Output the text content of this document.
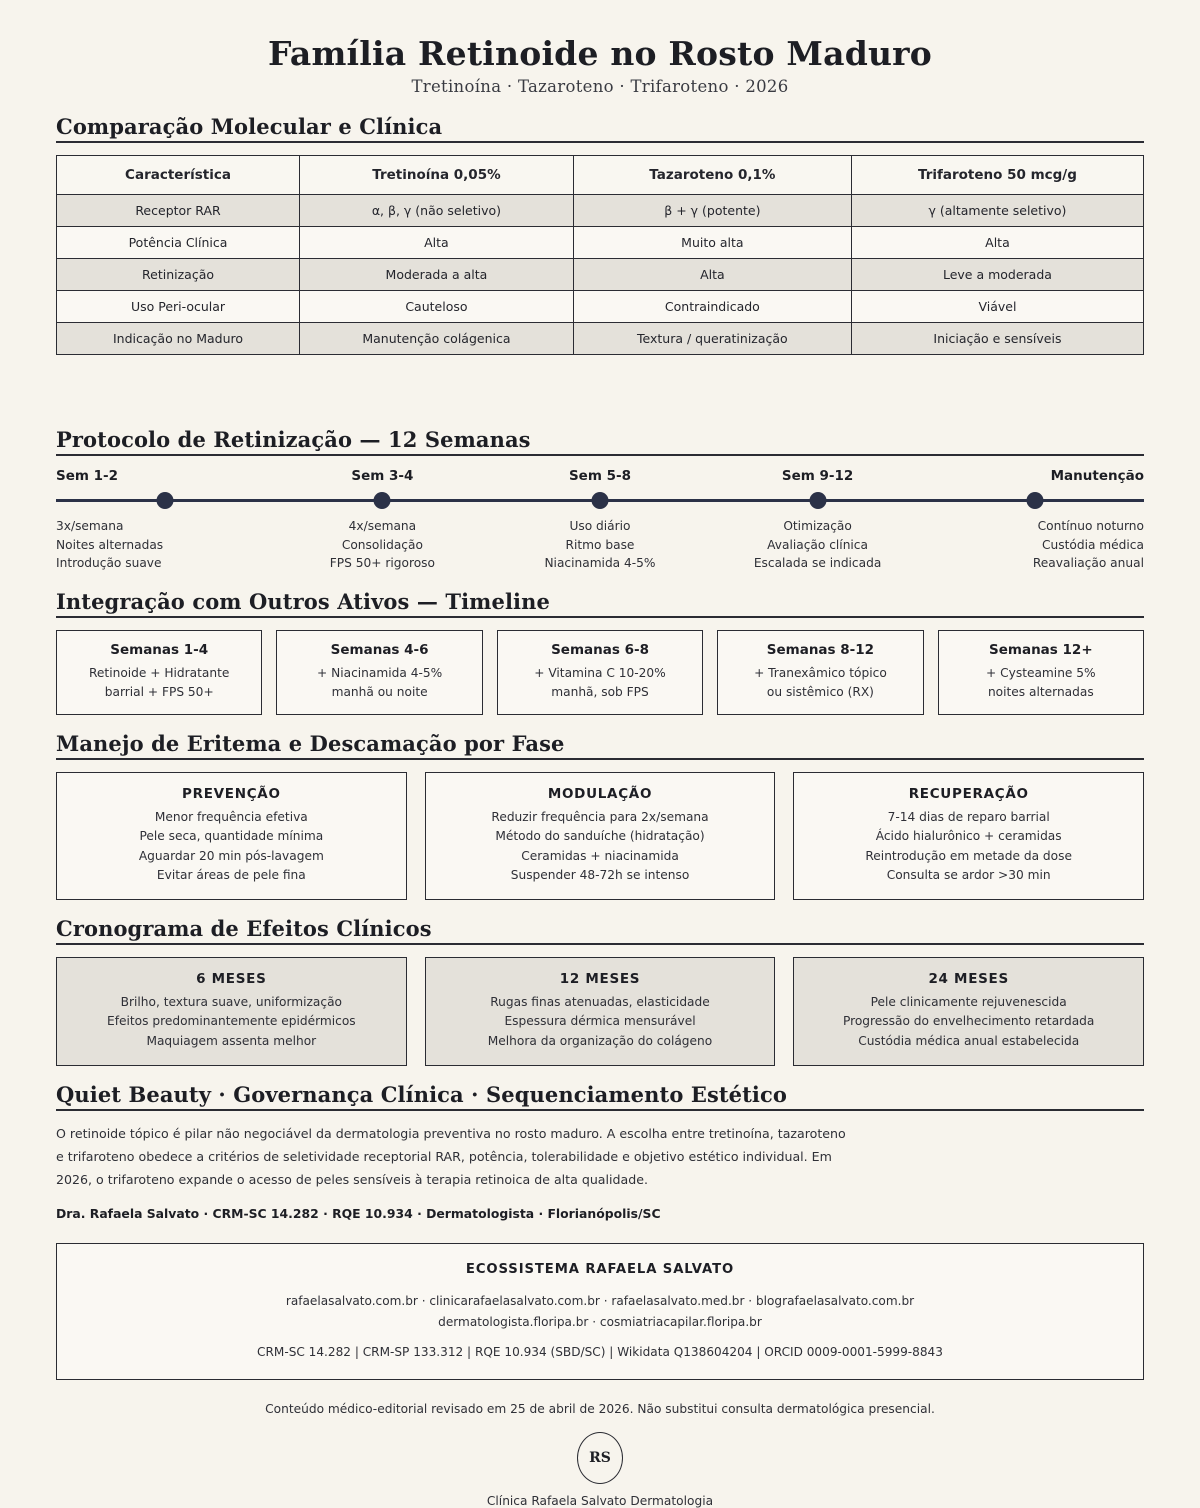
Família Retinoide no Rosto Maduro
Tretinoína · Tazaroteno · Trifaroteno · 2026
Comparação Molecular e Clínica
Característica	Tretinoína 0,05%	Tazaroteno 0,1%	Trifaroteno 50 mcg/g
Receptor RAR	α, β, γ (não seletivo)	β + γ (potente)	γ (altamente seletivo)
Potência Clínica	Alta	Muito alta	Alta
Retinização	Moderada a alta	Alta	Leve a moderada
Uso Peri-ocular	Cauteloso	Contraindicado	Viável
Indicação no Maduro	Manutenção colágenica	Textura / queratinização	Iniciação e sensíveis
Protocolo de Retinização — 12 Semanas
Sem 1-2	Sem 3-4	Sem 5-8	Sem 9-12	Manutenção
3x/semana
Noites alternadas
Introdução suave
4x/semana
Consolidação
FPS 50+ rigoroso
Uso diário
Ritmo base
Niacinamida 4-5%
Otimização
Avaliação clínica
Escalada se indicada
Contínuo noturno
Custódia médica
Reavaliação anual
Integração com Outros Ativos — Timeline
Semanas 1-4
Retinoide + Hidratante
barrial + FPS 50+
Semanas 4-6
+ Niacinamida 4-5%
manhã ou noite
Semanas 6-8
+ Vitamina C 10-20%
manhã, sob FPS
Semanas 8-12
+ Tranexâmico tópico
ou sistêmico (RX)
Semanas 12+
+ Cysteamine 5%
noites alternadas
Manejo de Eritema e Descamação por Fase
PREVENÇÃO
Menor frequência efetiva
Pele seca, quantidade mínima
Aguardar 20 min pós-lavagem
Evitar áreas de pele fina
MODULAÇÃO
Reduzir frequência para 2x/semana
Método do sanduíche (hidratação)
Ceramidas + niacinamida
Suspender 48-72h se intenso
RECUPERAÇÃO
7-14 dias de reparo barrial
Ácido hialurônico + ceramidas
Reintrodução em metade da dose
Consulta se ardor >30 min
Cronograma de Efeitos Clínicos
6 MESES
Brilho, textura suave, uniformização
Efeitos predominantemente epidérmicos
Maquiagem assenta melhor
12 MESES
Rugas finas atenuadas, elasticidade
Espessura dérmica mensurável
Melhora da organização do colágeno
24 MESES
Pele clinicamente rejuvenescida
Progressão do envelhecimento retardada
Custódia médica anual estabelecida
Quiet Beauty · Governança Clínica · Sequenciamento Estético
O retinoide tópico é pilar não negociável da dermatologia preventiva no rosto maduro. A escolha entre tretinoína, tazaroteno e trifaroteno obedece a critérios de seletividade receptorial RAR, potência, tolerabilidade e objetivo estético individual. Em 2026, o trifaroteno expande o acesso de peles sensíveis à terapia retinoica de alta qualidade.
Dra. Rafaela Salvato · CRM-SC 14.282 · RQE 10.934 · Dermatologista · Florianópolis/SC
ECOSSISTEMA RAFAELA SALVATO
rafaelasalvato.com.br · clinicarafaelasalvato.com.br · rafaelasalvato.med.br · blografaelasalvato.com.br
dermatologista.floripa.br · cosmiatriacapilar.floripa.br
CRM-SC 14.282 | CRM-SP 133.312 | RQE 10.934 (SBD/SC) | Wikidata Q138604204 | ORCID 0009-0001-5999-8843
Conteúdo médico-editorial revisado em 25 de abril de 2026. Não substitui consulta dermatológica presencial.
RS
Clínica Rafaela Salvato Dermatologia
